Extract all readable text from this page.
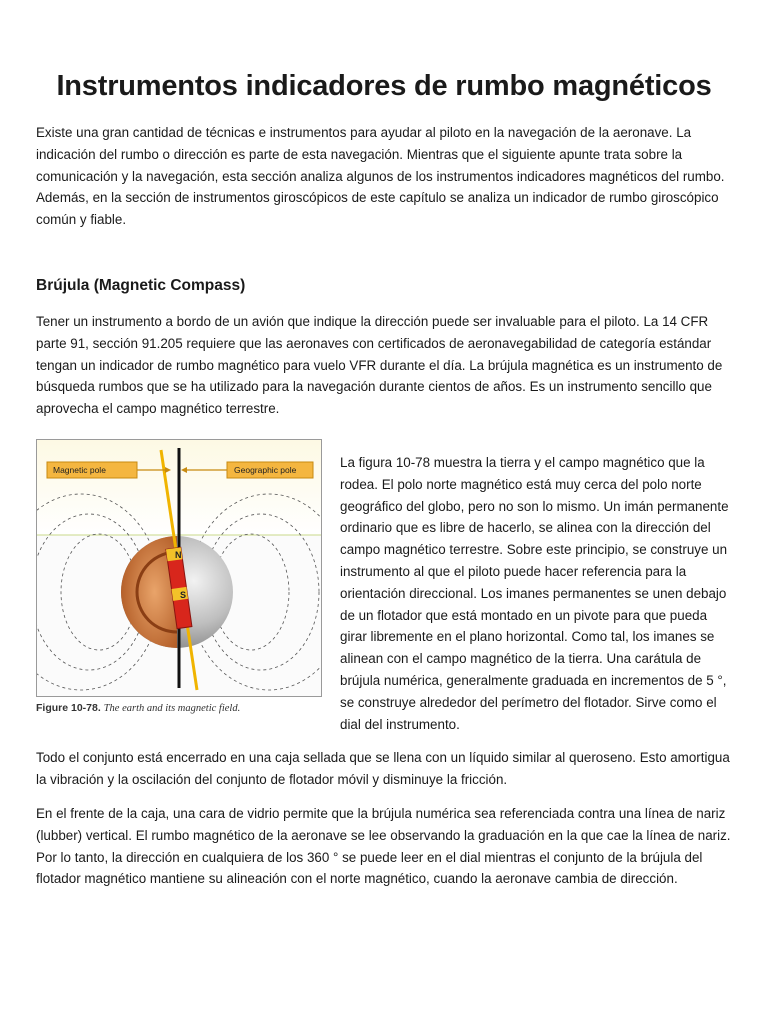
Instrumentos indicadores de rumbo magnéticos

Existe una gran cantidad de técnicas e instrumentos para ayudar al piloto en la navegación de la aeronave. La indicación del rumbo o dirección es parte de esta navegación. Mientras que el siguiente apunte trata sobre la comunicación y la navegación, esta sección analiza algunos de los instrumentos indicadores magnéticos del rumbo. Además, en la sección de instrumentos giroscópicos de este capítulo se analiza un indicador de rumbo giroscópico común y fiable.

Brújula (Magnetic Compass)

Tener un instrumento a bordo de un avión que indique la dirección puede ser invaluable para el piloto. La 14 CFR parte 91, sección 91.205 requiere que las aeronaves con certificados de aeronavegabilidad de categoría estándar tengan un indicador de rumbo magnético para vuelo VFR durante el día. La brújula magnética es un instrumento de búsqueda rumbos que se ha utilizado para la navegación durante cientos de años. Es un instrumento sencillo que aprovecha el campo magnético terrestre.

N
S
Magnetic pole	Geographic pole
Figure 10-78. The earth and its magnetic field.

La figura 10-78 muestra la tierra y el campo magnético que la rodea. El polo norte magnético está muy cerca del polo norte geográfico del globo, pero no son lo mismo. Un imán permanente ordinario que es libre de hacerlo, se alinea con la dirección del campo magnético terrestre. Sobre este principio, se construye un instrumento al que el piloto puede hacer referencia para la orientación direccional. Los imanes permanentes se unen debajo de un flotador que está montado en un pivote para que pueda girar libremente en el plano horizontal. Como tal, los imanes se alinean con el campo magnético de la tierra. Una carátula de brújula numérica, generalmente graduada en incrementos de 5 °, se construye alrededor del perímetro del flotador. Sirve como el dial del instrumento.

Todo el conjunto está encerrado en una caja sellada que se llena con un líquido similar al queroseno. Esto amortigua la vibración y la oscilación del conjunto de flotador móvil y disminuye la fricción.

En el frente de la caja, una cara de vidrio permite que la brújula numérica sea referenciada contra una línea de nariz (lubber) vertical. El rumbo magnético de la aeronave se lee observando la graduación en la que cae la línea de nariz. Por lo tanto, la dirección en cualquiera de los 360 ° se puede leer en el dial mientras el conjunto de la brújula del flotador magnético mantiene su alineación con el norte magnético, cuando la aeronave cambia de dirección.
